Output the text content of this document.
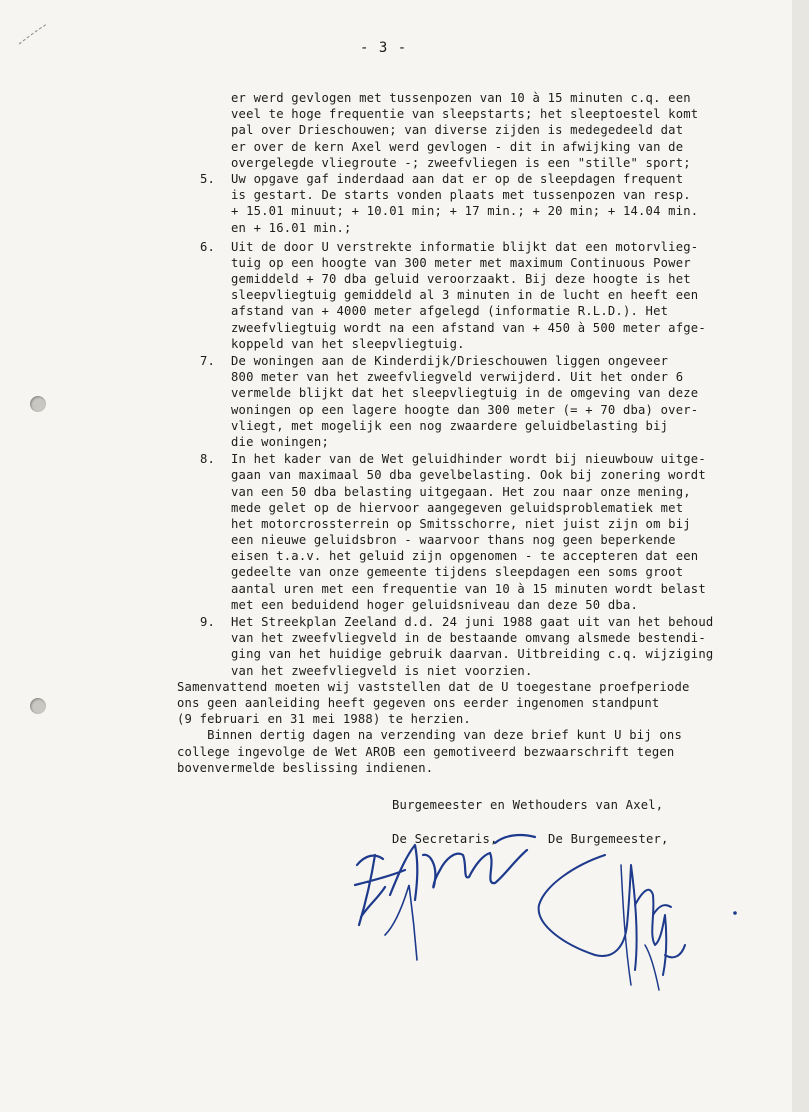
- 3 -
er werd gevlogen met tussenpozen van 10 à 15 minuten c.q. een
veel te hoge frequentie van sleepstarts; het sleeptoestel komt
pal over Drieschouwen; van diverse zijden is medegedeeld dat
er over de kern Axel werd gevlogen - dit in afwijking van de
overgelegde vliegroute -; zweefvliegen is een "stille" sport;
5. Uw opgave gaf inderdaad aan dat er op de sleepdagen frequent
is gestart. De starts vonden plaats met tussenpozen van resp.
+ 15.01 minuut; + 10.01 min; + 17 min.; + 20 min; + 14.04 min.
en + 16.01 min.;
6. Uit de door U verstrekte informatie blijkt dat een motorvlieg-
tuig op een hoogte van 300 meter met maximum Continuous Power
gemiddeld + 70 dba geluid veroorzaakt. Bij deze hoogte is het
sleepvliegtuig gemiddeld al 3 minuten in de lucht en heeft een
afstand van + 4000 meter afgelegd (informatie R.L.D.). Het
zweefvliegtuig wordt na een afstand van + 450 à 500 meter afge-
koppeld van het sleepvliegtuig.
7. De woningen aan de Kinderdijk/Drieschouwen liggen ongeveer
800 meter van het zweefvliegveld verwijderd. Uit het onder 6
vermelde blijkt dat het sleepvliegtuig in de omgeving van deze
woningen op een lagere hoogte dan 300 meter (= + 70 dba) over-
vliegt, met mogelijk een nog zwaardere geluidbelasting bij
die woningen;
8. In het kader van de Wet geluidhinder wordt bij nieuwbouw uitge-
gaan van maximaal 50 dba gevelbelasting. Ook bij zonering wordt
van een 50 dba belasting uitgegaan. Het zou naar onze mening,
mede gelet op de hiervoor aangegeven geluidsproblematiek met
het motorcrossterrein op Smitsschorre, niet juist zijn om bij
een nieuwe geluidsbron - waarvoor thans nog geen beperkende
eisen t.a.v. het geluid zijn opgenomen - te accepteren dat een
gedeelte van onze gemeente tijdens sleepdagen een soms groot
aantal uren met een frequentie van 10 à 15 minuten wordt belast
met een beduidend hoger geluidsniveau dan deze 50 dba.
9. Het Streekplan Zeeland d.d. 24 juni 1988 gaat uit van het behoud
van het zweefvliegveld in de bestaande omvang alsmede bestendi-
ging van het huidige gebruik daarvan. Uitbreiding c.q. wijziging
van het zweefvliegveld is niet voorzien.
Samenvattend moeten wij vaststellen dat de U toegestane proefperiode
ons geen aanleiding heeft gegeven ons eerder ingenomen standpunt
(9 februari en 31 mei 1988) te herzien.
Binnen dertig dagen na verzending van deze brief kunt U bij ons
college ingevolge de Wet AROB een gemotiveerd bezwaarschrift tegen
bovenvermelde beslissing indienen.
Burgemeester en Wethouders van Axel,
De Secretaris,	De Burgemeester,
